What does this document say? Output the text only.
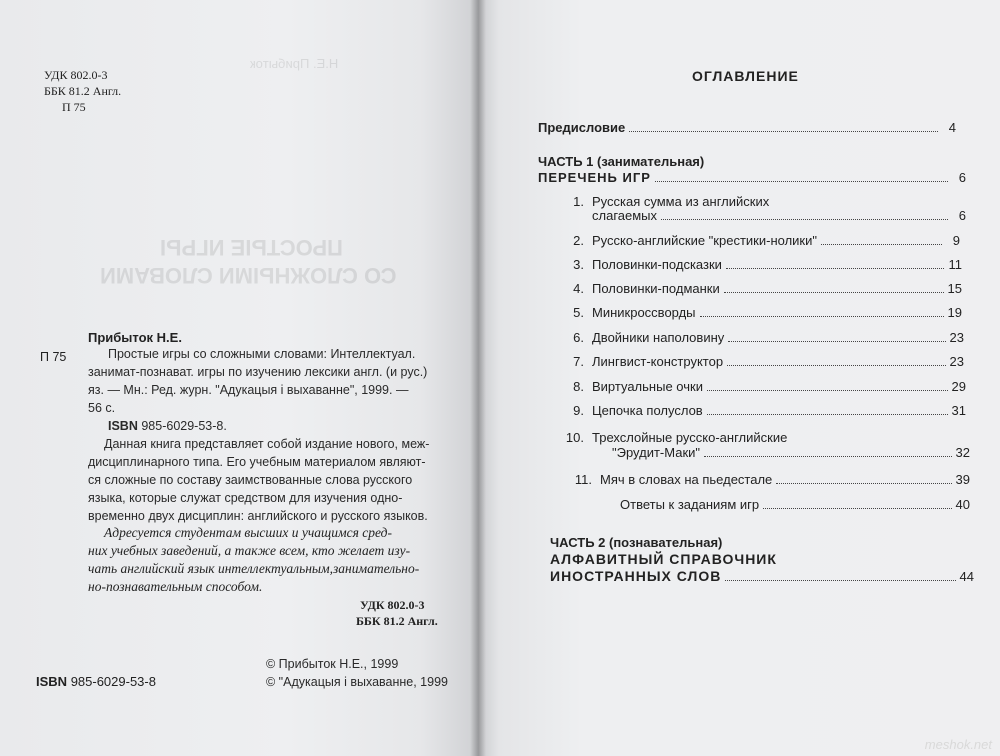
УДК 802.0-3
ББК 81.2 Англ.
П 75
Н.Е. Прибыток
ПРОСТЫЕ ИГРЫ
СО СЛОЖНЫМИ СЛОВАМИ
Прибыток Н.Е.
П 75	Простые игры со сложными словами: Интеллектуал.
занимат-познават. игры по изучению лексики англ. (и рус.)
яз. — Мн.: Ред. журн. "Адукацыя і выхаванне", 1999. —
56 с.
ISBN 985-6029-53-8.
Данная книга представляет собой издание нового, меж-
дисциплинарного типа. Его учебным материалом являют-
ся сложные по составу заимствованные слова русского
языка, которые служат средством для изучения одно-
временно двух дисциплин: английского и русского языков.
Адресуется студентам высших и учащимся сред-
них учебных заведений, а также всем, кто желает изу-
чать английский язык интеллектуальным,занимательно-
но-познавательным способом.
УДК 802.0-3
ББК 81.2 Англ.
ISBN 985-6029-53-8
© Прибыток Н.Е., 1999
© "Адукацыя і выхаванне, 1999
ОГЛАВЛЕНИЕ
Предисловие	4
ЧАСТЬ 1 (занимательная)
ПЕРЕЧЕНЬ ИГР	6
1. Русская сумма из английских
слагаемых	6
2. Русско-английские "крестики-нолики"	9
3. Половинки-подсказки	11
4. Половинки-подманки	15
5. Миникроссворды	19
6. Двойники наполовину	23
7. Лингвист-конструктор	23
8. Виртуальные очки	29
9. Цепочка полуслов	31
10. Трехслойные русско-английские
"Эрудит-Маки"	32
11. Мяч в словах на пьедестале	39
Ответы к заданиям игр	40
ЧАСТЬ 2 (познавательная)
АЛФАВИТНЫЙ СПРАВОЧНИК
ИНОСТРАННЫХ СЛОВ	44
meshok.net
